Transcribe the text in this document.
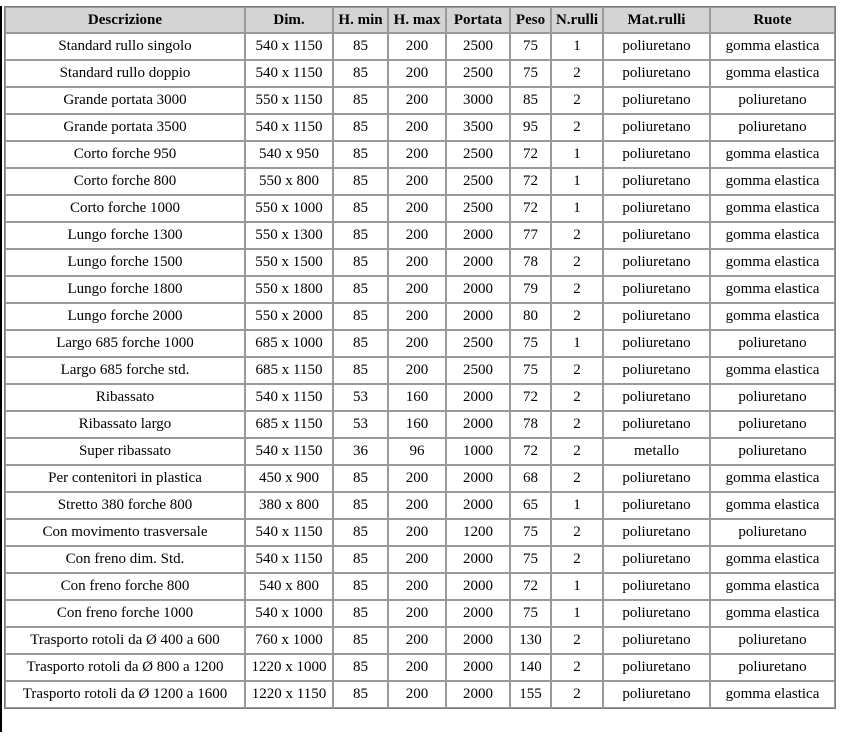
Descrizione	Dim.	H. min	H. max	Portata	Peso	N.rulli	Mat.rulli	Ruote
Standard rullo singolo	540 x 1150	85	200	2500	75	1	poliuretano	gomma elastica
Standard rullo doppio	540 x 1150	85	200	2500	75	2	poliuretano	gomma elastica
Grande portata 3000	550 x 1150	85	200	3000	85	2	poliuretano	poliuretano
Grande portata 3500	540 x 1150	85	200	3500	95	2	poliuretano	poliuretano
Corto forche 950	540 x 950	85	200	2500	72	1	poliuretano	gomma elastica
Corto forche 800	550 x 800	85	200	2500	72	1	poliuretano	gomma elastica
Corto forche 1000	550 x 1000	85	200	2500	72	1	poliuretano	gomma elastica
Lungo forche 1300	550 x 1300	85	200	2000	77	2	poliuretano	gomma elastica
Lungo forche 1500	550 x 1500	85	200	2000	78	2	poliuretano	gomma elastica
Lungo forche 1800	550 x 1800	85	200	2000	79	2	poliuretano	gomma elastica
Lungo forche 2000	550 x 2000	85	200	2000	80	2	poliuretano	gomma elastica
Largo 685 forche 1000	685 x 1000	85	200	2500	75	1	poliuretano	poliuretano
Largo 685 forche std.	685 x 1150	85	200	2500	75	2	poliuretano	gomma elastica
Ribassato	540 x 1150	53	160	2000	72	2	poliuretano	poliuretano
Ribassato largo	685 x 1150	53	160	2000	78	2	poliuretano	poliuretano
Super ribassato	540 x 1150	36	96	1000	72	2	metallo	poliuretano
Per contenitori in plastica	450 x 900	85	200	2000	68	2	poliuretano	gomma elastica
Stretto 380 forche 800	380 x 800	85	200	2000	65	1	poliuretano	gomma elastica
Con movimento trasversale	540 x 1150	85	200	1200	75	2	poliuretano	poliuretano
Con freno dim. Std.	540 x 1150	85	200	2000	75	2	poliuretano	gomma elastica
Con freno forche 800	540 x 800	85	200	2000	72	1	poliuretano	gomma elastica
Con freno forche 1000	540 x 1000	85	200	2000	75	1	poliuretano	gomma elastica
Trasporto rotoli da Ø 400 a 600	760 x 1000	85	200	2000	130	2	poliuretano	poliuretano
Trasporto rotoli da Ø 800 a 1200	1220 x 1000	85	200	2000	140	2	poliuretano	poliuretano
Trasporto rotoli da Ø 1200 a 1600	1220 x 1150	85	200	2000	155	2	poliuretano	gomma elastica
